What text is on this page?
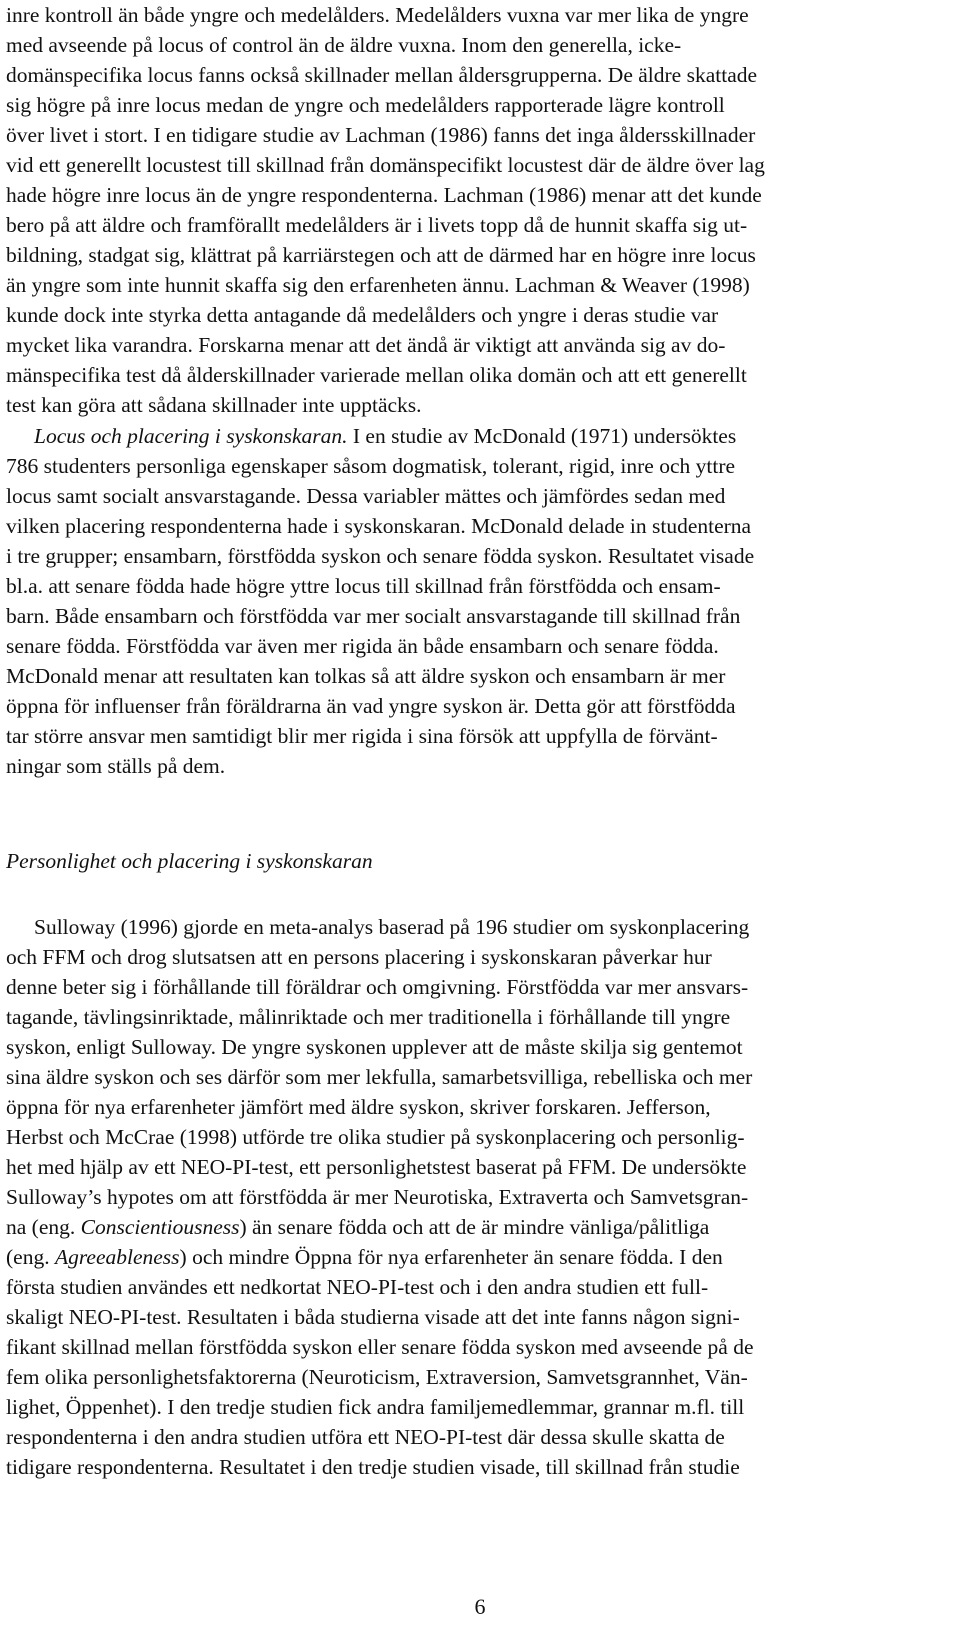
inre kontroll än både yngre och medelålders. Medelålders vuxna var mer lika de yngre
med avseende på locus of control än de äldre vuxna. Inom den generella, icke-
domänspecifika locus fanns också skillnader mellan åldersgrupperna. De äldre skattade
sig högre på inre locus medan de yngre och medelålders rapporterade lägre kontroll
över livet i stort. I en tidigare studie av Lachman (1986) fanns det inga åldersskillnader
vid ett generellt locustest till skillnad från domänspecifikt locustest där de äldre över lag
hade högre inre locus än de yngre respondenterna. Lachman (1986) menar att det kunde
bero på att äldre och framförallt medelålders är i livets topp då de hunnit skaffa sig ut-
bildning, stadgat sig, klättrat på karriärstegen och att de därmed har en högre inre locus
än yngre som inte hunnit skaffa sig den erfarenheten ännu. Lachman & Weaver (1998)
kunde dock inte styrka detta antagande då medelålders och yngre i deras studie var
mycket lika varandra. Forskarna menar att det ändå är viktigt att använda sig av do-
mänspecifika test då ålderskillnader varierade mellan olika domän och att ett generellt
test kan göra att sådana skillnader inte upptäcks.
Locus och placering i syskonskaran. I en studie av McDonald (1971) undersöktes
786 studenters personliga egenskaper såsom dogmatisk, tolerant, rigid, inre och yttre
locus samt socialt ansvarstagande. Dessa variabler mättes och jämfördes sedan med
vilken placering respondenterna hade i syskonskaran. McDonald delade in studenterna
i tre grupper; ensambarn, förstfödda syskon och senare födda syskon. Resultatet visade
bl.a. att senare födda hade högre yttre locus till skillnad från förstfödda och ensam-
barn. Både ensambarn och förstfödda var mer socialt ansvarstagande till skillnad från
senare födda. Förstfödda var även mer rigida än både ensambarn och senare födda.
McDonald menar att resultaten kan tolkas så att äldre syskon och ensambarn är mer
öppna för influenser från föräldrarna än vad yngre syskon är. Detta gör att förstfödda
tar större ansvar men samtidigt blir mer rigida i sina försök att uppfylla de förvänt-
ningar som ställs på dem.
Personlighet och placering i syskonskaran
Sulloway (1996) gjorde en meta-analys baserad på 196 studier om syskonplacering
och FFM och drog slutsatsen att en persons placering i syskonskaran påverkar hur
denne beter sig i förhållande till föräldrar och omgivning. Förstfödda var mer ansvars-
tagande, tävlingsinriktade, målinriktade och mer traditionella i förhållande till yngre
syskon, enligt Sulloway. De yngre syskonen upplever att de måste skilja sig gentemot
sina äldre syskon och ses därför som mer lekfulla, samarbetsvilliga, rebelliska och mer
öppna för nya erfarenheter jämfört med äldre syskon, skriver forskaren. Jefferson,
Herbst och McCrae (1998) utförde tre olika studier på syskonplacering och personlig-
het med hjälp av ett NEO-PI-test, ett personlighetstest baserat på FFM. De undersökte
Sulloway’s hypotes om att förstfödda är mer Neurotiska, Extraverta och Samvetsgran-
na (eng. Conscientiousness) än senare födda och att de är mindre vänliga/pålitliga
(eng. Agreeableness) och mindre Öppna för nya erfarenheter än senare födda. I den
första studien användes ett nedkortat NEO-PI-test och i den andra studien ett full-
skaligt NEO-PI-test. Resultaten i båda studierna visade att det inte fanns någon signi-
fikant skillnad mellan förstfödda syskon eller senare födda syskon med avseende på de
fem olika personlighetsfaktorerna (Neuroticism, Extraversion, Samvetsgrannhet, Vän-
lighet, Öppenhet). I den tredje studien fick andra familjemedlemmar, grannar m.fl. till
respondenterna i den andra studien utföra ett NEO-PI-test där dessa skulle skatta de
tidigare respondenterna. Resultatet i den tredje studien visade, till skillnad från studie
6
